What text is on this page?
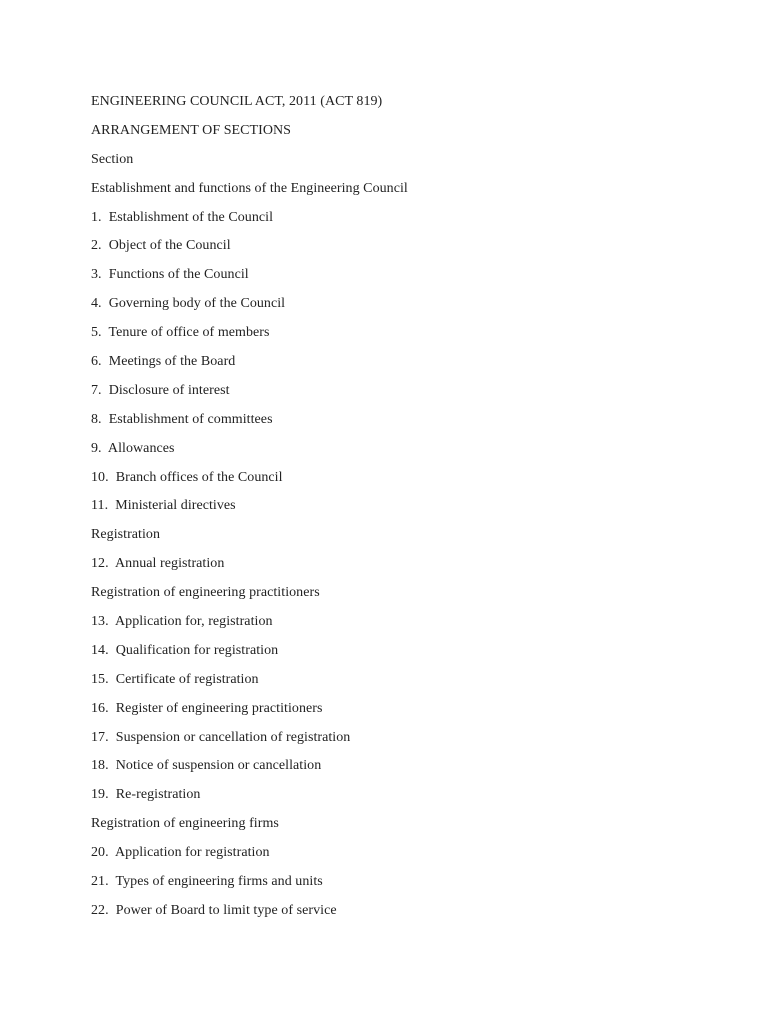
ENGINEERING COUNCIL ACT, 2011 (ACT 819)
ARRANGEMENT OF SECTIONS
Section
Establishment and functions of the Engineering Council
1.  Establishment of the Council
2.  Object of the Council
3.  Functions of the Council
4.  Governing body of the Council
5.  Tenure of office of members
6.  Meetings of the Board
7.  Disclosure of interest
8.  Establishment of committees
9.  Allowances
10.  Branch offices of the Council
11.  Ministerial directives
Registration
12.  Annual registration
Registration of engineering practitioners
13.  Application for, registration
14.  Qualification for registration
15.  Certificate of registration
16.  Register of engineering practitioners
17.  Suspension or cancellation of registration
18.  Notice of suspension or cancellation
19.  Re-registration
Registration of engineering firms
20.  Application for registration
21.  Types of engineering firms and units
22.  Power of Board to limit type of service
